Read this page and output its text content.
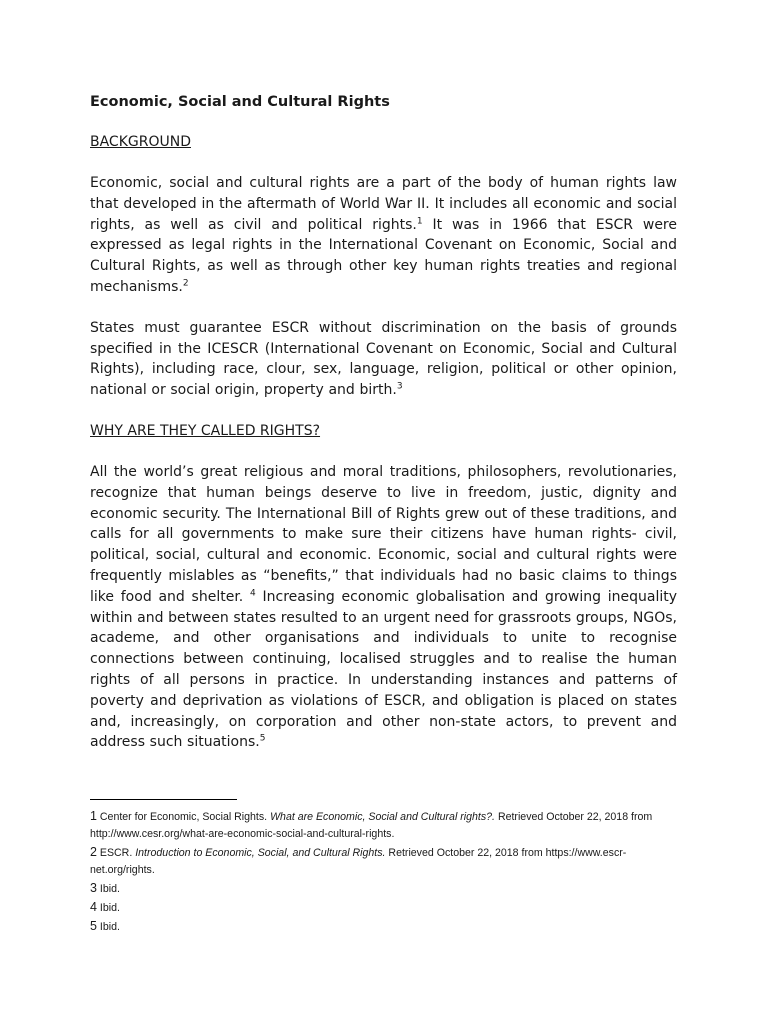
Economic, Social and Cultural Rights
BACKGROUND

Economic, social and cultural rights are a part of the body of human rights law that developed in the aftermath of World War II. It includes all economic and social rights, as well as civil and political rights.$^1$ It was in 1966 that ESCR were expressed as legal rights in the International Covenant on Economic, Social and Cultural Rights, as well as through other key human rights treaties and regional mechanisms.$^2$

States must guarantee ESCR without discrimination on the basis of grounds specified in the ICESCR (International Covenant on Economic, Social and Cultural Rights), including race, clour, sex, language, religion, political or other opinion, national or social origin, property and birth.$^3$

WHY ARE THEY CALLED RIGHTS?

All the world’s great religious and moral traditions, philosophers, revolutionaries, recognize that human beings deserve to live in freedom, justic, dignity and economic security. The International Bill of Rights grew out of these traditions, and calls for all governments to make sure their citizens have human rights- civil, political, social, cultural and economic. Economic, social and cultural rights were frequently mislables as “benefits,” that individuals had no basic claims to things like food and shelter. $^4$ Increasing economic globalisation and growing inequality within and between states resulted to an urgent need for grassroots groups, NGOs, academe, and other organisations and individuals to unite to recognise connections between continuing, localised struggles and to realise the human rights of all persons in practice. In understanding instances and patterns of poverty and deprivation as violations of ESCR, and obligation is placed on states and, increasingly, on corporation and other non-state actors, to prevent and address such situations.$^5$

1 Center for Economic, Social Rights. What are Economic, Social and Cultural rights?. Retrieved October 22, 2018 from http://www.cesr.org/what-are-economic-social-and-cultural-rights.
2 ESCR. Introduction to Economic, Social, and Cultural Rights. Retrieved October 22, 2018 from https://www.escr-net.org/rights.
3 Ibid.
4 Ibid.
5 Ibid.
